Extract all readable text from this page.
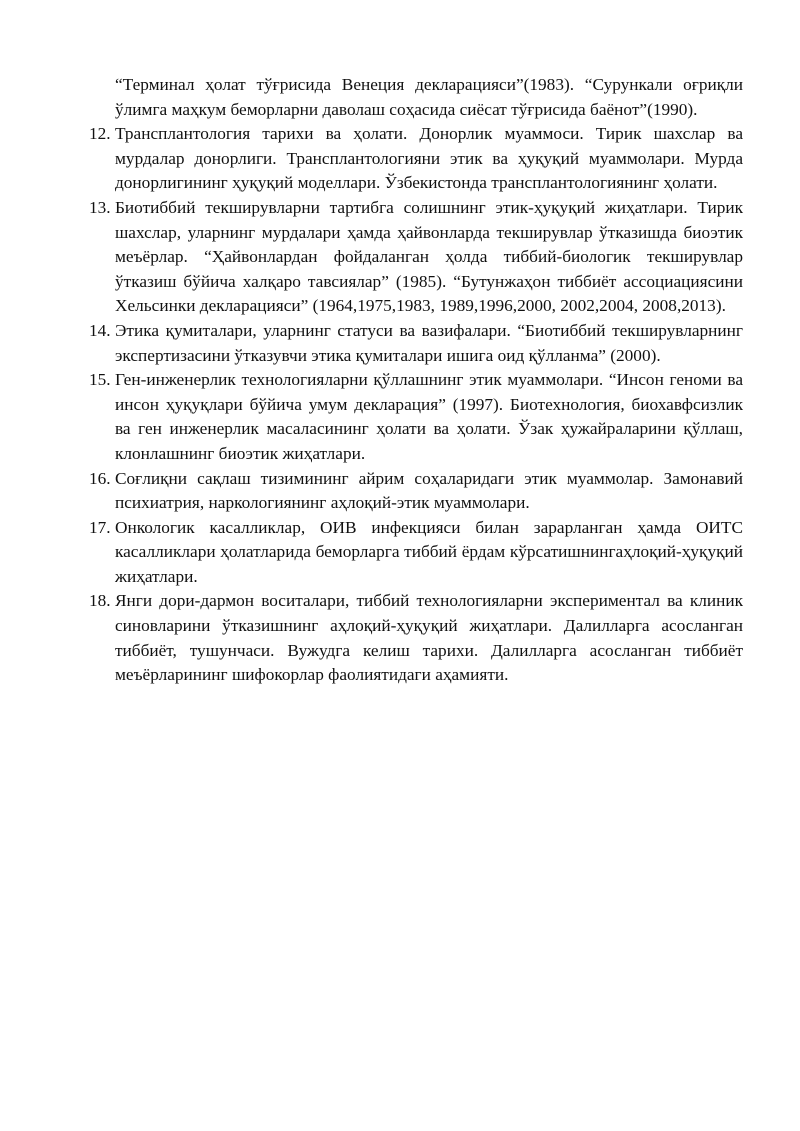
“Терминал ҳолат тўғрисида Венеция декларацияси”(1983). “Сурункали оғриқли ўлимга маҳкум беморларни даволаш соҳасида сиёсат тўғрисида баёнот”(1990).
12. Трансплантология тарихи ва ҳолати. Донорлик муаммоси. Тирик шахслар ва мурдалар донорлиги. Трансплантологияни этик ва ҳуқуқий муаммолари. Мурда донорлигининг ҳуқуқий моделлари. Ўзбекистонда трансплантологиянинг ҳолати.
13. Биотиббий текширувларни тартибга солишнинг этик-ҳуқуқий жиҳатлари. Тирик шахслар, уларнинг мурдалари ҳамда ҳайвонларда текширувлар ўтказишда биоэтик меъёрлар. “Ҳайвонлардан фойдаланган ҳолда тиббий-биологик текширувлар ўтказиш бўйича халқаро тавсиялар” (1985). “Бутунжаҳон тиббиёт ассоциациясини Хельсинки декларацияси” (1964,1975,1983, 1989,1996,2000, 2002,2004, 2008,2013).
14. Этика қумиталари, уларнинг статуси ва вазифалари. “Биотиббий текширувларнинг экспертизасини ўтказувчи этика қумиталари ишига оид қўлланма” (2000).
15. Ген-инженерлик технологияларни қўллашнинг этик муаммолари. “Инсон геноми ва инсон ҳуқуқлари бўйича умум декларация” (1997). Биотехнология, биохавфсизлик ва ген инженерлик масаласининг ҳолати ва ҳолати. Ўзак ҳужайраларини қўллаш, клонлашнинг биоэтик жиҳатлари.
16. Соғлиқни сақлаш тизимининг айрим соҳаларидаги этик муаммолар. Замонавий психиатрия, наркологиянинг аҳлоқий-этик муаммолари.
17. Онкологик касалликлар, ОИВ инфекцияси билан зарарланган ҳамда ОИТС касалликлари ҳолатларида беморларга тиббий ёрдам кўрсатишнингаҳлоқий-ҳуқуқий жиҳатлари.
18. Янги дори-дармон воситалари, тиббий технологияларни экспериментал ва клиник синовларини ўтказишнинг аҳлоқий-ҳуқуқий жиҳатлари. Далилларга асосланган тиббиёт, тушунчаси. Вужудга келиш тарихи. Далилларга асосланган тиббиёт меъёрларининг шифокорлар фаолиятидаги аҳамияти.
